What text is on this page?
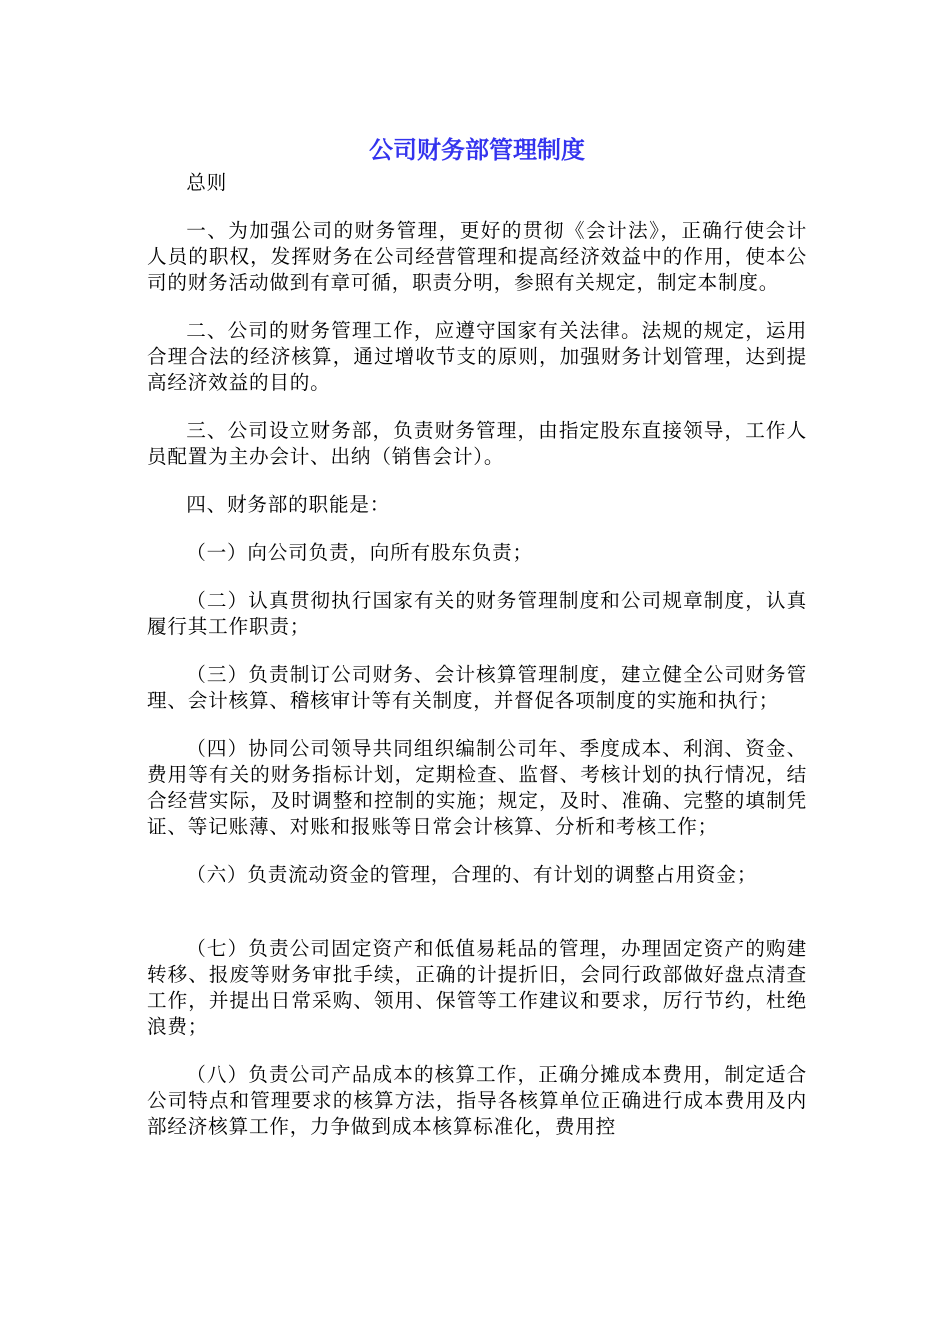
公司财务部管理制度

总则

一、为加强公司的财务管理，更好的贯彻《会计法》，正确行使会计人员的职权，发挥财务在公司经营管理和提高经济效益中的作用，使本公司的财务活动做到有章可循，职责分明，参照有关规定，制定本制度。

二、公司的财务管理工作，应遵守国家有关法律。法规的规定，运用合理合法的经济核算，通过增收节支的原则，加强财务计划管理，达到提高经济效益的目的。

三、公司设立财务部，负责财务管理，由指定股东直接领导，工作人员配置为主办会计、出纳（销售会计）。

四、财务部的职能是：

（一）向公司负责，向所有股东负责；

（二）认真贯彻执行国家有关的财务管理制度和公司规章制度，认真履行其工作职责；

（三）负责制订公司财务、会计核算管理制度，建立健全公司财务管理、会计核算、稽核审计等有关制度，并督促各项制度的实施和执行；

（四）协同公司领导共同组织编制公司年、季度成本、利润、资金、费用等有关的财务指标计划，定期检查、监督、考核计划的执行情况，结合经营实际，及时调整和控制的实施；规定，及时、准确、完整的填制凭证、等记账薄、对账和报账等日常会计核算、分析和考核工作；

（六）负责流动资金的管理，合理的、有计划的调整占用资金；

（七）负责公司固定资产和低值易耗品的管理，办理固定资产的购建转移、报废等财务审批手续，正确的计提折旧，会同行政部做好盘点清查工作，并提出日常采购、领用、保管等工作建议和要求，厉行节约，杜绝浪费；

（八）负责公司产品成本的核算工作，正确分摊成本费用，制定适合公司特点和管理要求的核算方法，指导各核算单位正确进行成本费用及内部经济核算工作，力争做到成本核算标准化，费用控
